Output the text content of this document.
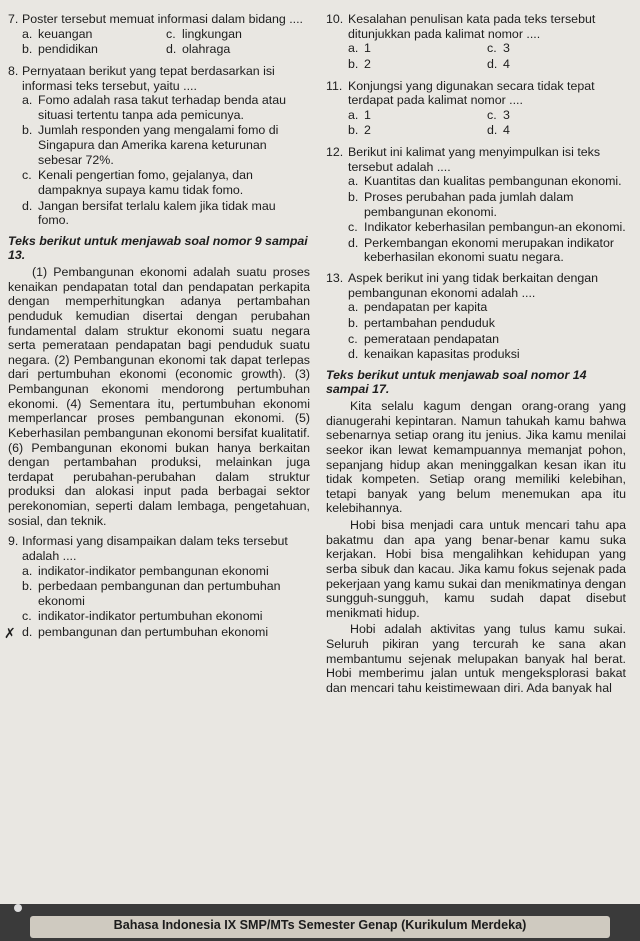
7. Poster tersebut memuat informasi dalam bidang ....
a. keuangan	c. lingkungan
b. pendidikan	d. olahraga
8. Pernyataan berikut yang tepat berdasarkan isi informasi teks tersebut, yaitu ....
a. Fomo adalah rasa takut terhadap benda atau situasi tertentu tanpa ada pemicunya.
b. Jumlah responden yang mengalami fomo di Singapura dan Amerika karena keturunan sebesar 72%.
c. Kenali pengertian fomo, gejalanya, dan dampaknya supaya kamu tidak fomo.
d. Jangan bersifat terlalu kalem jika tidak mau fomo.
Teks berikut untuk menjawab soal nomor 9 sampai 13.

(1) Pembangunan ekonomi adalah suatu proses kenaikan pendapatan total dan pendapatan perkapita dengan memperhitungkan adanya pertambahan penduduk kemudian disertai dengan perubahan fundamental dalam struktur ekonomi suatu negara serta pemerataan pendapatan bagi penduduk suatu negara. (2) Pembangunan ekonomi tak dapat terlepas dari pertumbuhan ekonomi (economic growth). (3) Pembangunan ekonomi mendorong pertumbuhan ekonomi. (4) Sementara itu, pertumbuhan ekonomi memperlancar proses pembangunan ekonomi. (5) Keberhasilan pembangunan ekonomi bersifat kualitatif. (6) Pembangunan ekonomi bukan hanya berkaitan dengan pertambahan produksi, melainkan juga terdapat perubahan-perubahan dalam struktur produksi dan alokasi input pada berbagai sektor perekonomian, seperti dalam lembaga, pengetahuan, sosial, dan teknik.

9. Informasi yang disampaikan dalam teks tersebut adalah ....
a. indikator-indikator pembangunan ekonomi
b. perbedaan pembangunan dan pertumbuhan ekonomi
c. indikator-indikator pertumbuhan ekonomi
✗ d. pembangunan dan pertumbuhan ekonomi
10. Kesalahan penulisan kata pada teks tersebut ditunjukkan pada kalimat nomor ....
a. 1	c. 3
b. 2	d. 4
11. Konjungsi yang digunakan secara tidak tepat terdapat pada kalimat nomor ....
a. 1	c. 3
b. 2	d. 4
12. Berikut ini kalimat yang menyimpulkan isi teks tersebut adalah ....
a. Kuantitas dan kualitas pembangunan ekonomi.
b. Proses perubahan pada jumlah dalam pembangunan ekonomi.
c. Indikator keberhasilan pembangun-an ekonomi.
d. Perkembangan ekonomi merupakan indikator keberhasilan ekonomi suatu negara.
13. Aspek berikut ini yang tidak berkaitan dengan pembangunan ekonomi adalah ....
a. pendapatan per kapita
b. pertambahan penduduk
c. pemerataan pendapatan
d. kenaikan kapasitas produksi
Teks berikut untuk menjawab soal nomor 14 sampai 17.

Kita selalu kagum dengan orang-orang yang dianugerahi kepintaran. Namun tahukah kamu bahwa sebenarnya setiap orang itu jenius. Jika kamu menilai seekor ikan lewat kemampuannya memanjat pohon, sepanjang hidup akan meninggalkan kesan ikan itu tidak kompeten. Setiap orang memiliki kelebihan, tetapi banyak yang belum menemukan apa itu kelebihannya.

Hobi bisa menjadi cara untuk mencari tahu apa bakatmu dan apa yang benar-benar kamu suka kerjakan. Hobi bisa mengalihkan kehidupan yang serba sibuk dan kacau. Jika kamu fokus sejenak pada pekerjaan yang kamu sukai dan menikmatinya dengan sungguh-sungguh, kamu sudah dapat disebut menikmati hidup.

Hobi adalah aktivitas yang tulus kamu sukai. Seluruh pikiran yang tercurah ke sana akan membantumu sejenak melupakan banyak hal berat. Hobi memberimu jalan untuk mengeksplorasi bakat dan mencari tahu keistimewaan diri. Ada banyak hal

Bahasa Indonesia IX SMP/MTs Semester Genap (Kurikulum Merdeka)
